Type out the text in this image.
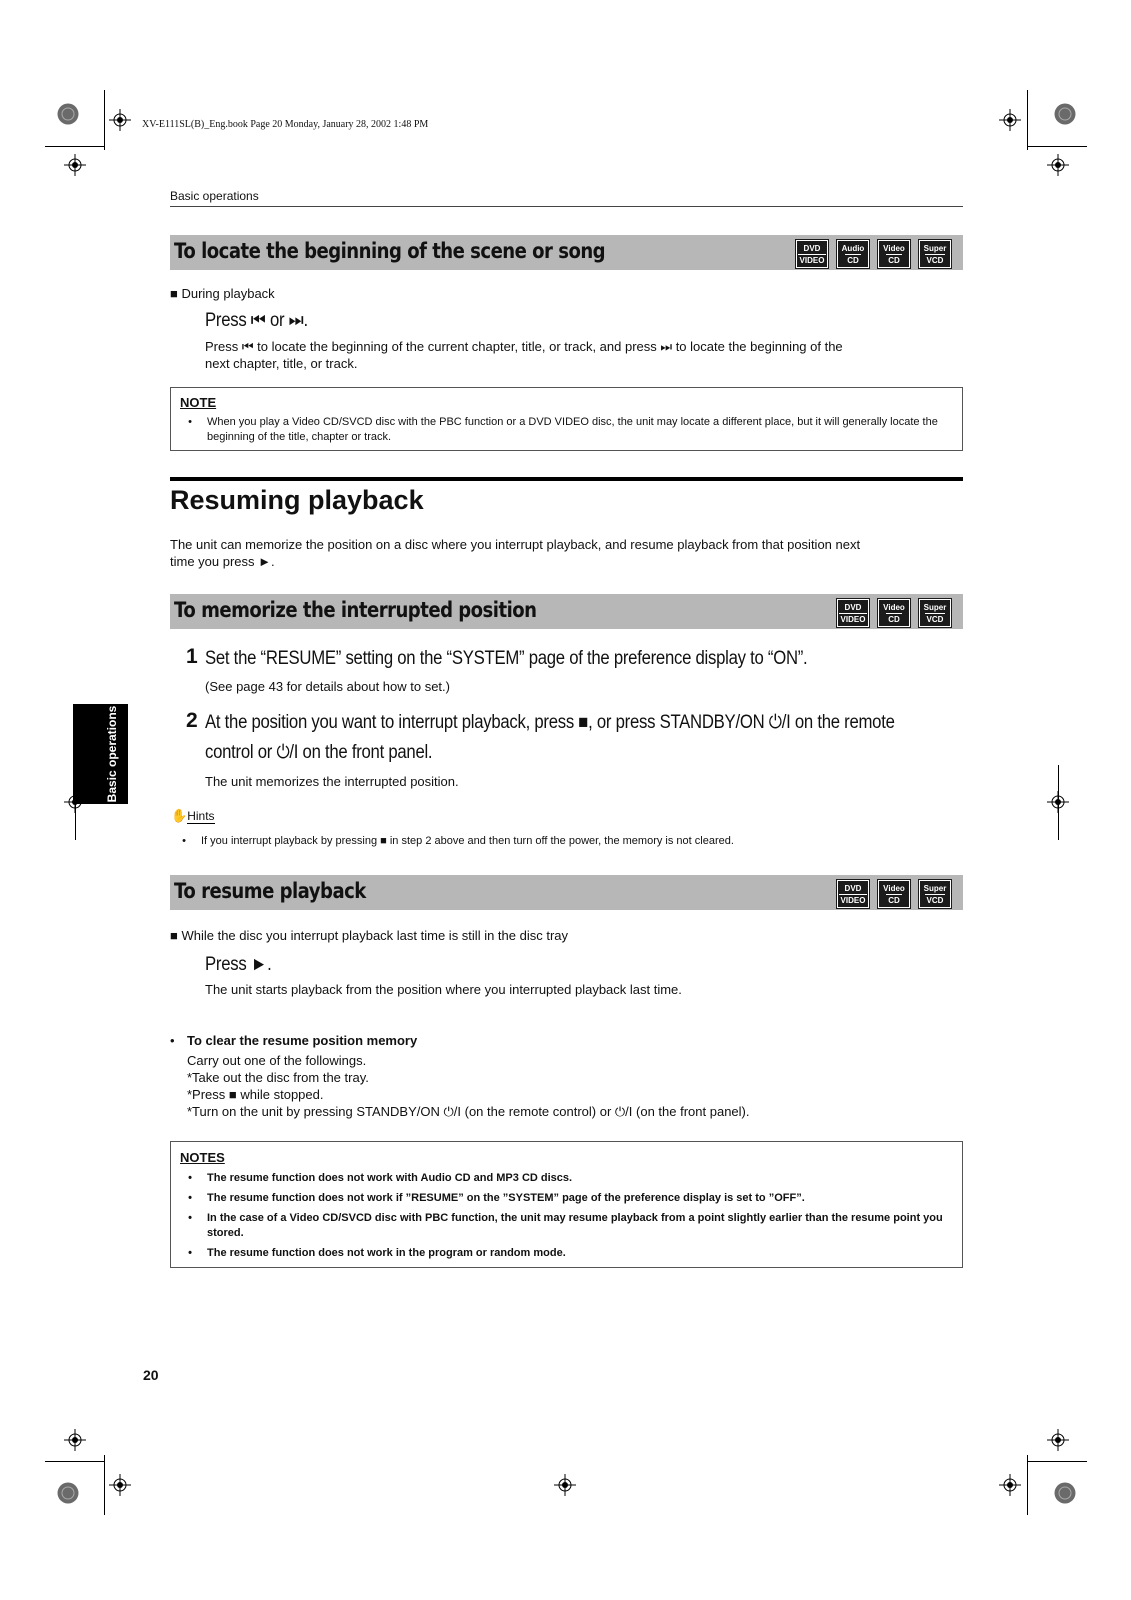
XV-E111SL(B)_Eng.book Page 20 Monday, January 28, 2002 1:48 PM
Basic operations
To locate the beginning of the scene or song	DVD
VIDEO
Audio
CD
Video
CD
Super
VCD
■ During playback
Press ⏮ or ⏭.
Press ⏮ to locate the beginning of the current chapter, title, or track, and press ⏭ to locate the beginning of the
next chapter, title, or track.
NOTE
• When you play a Video CD/SVCD disc with the PBC function or a DVD VIDEO disc, the unit may locate a different place, but it will generally locate the beginning of the title, chapter or track.
Resuming playback
The unit can memorize the position on a disc where you interrupt playback, and resume playback from that position next
time you press ►.
To memorize the interrupted position	DVD
VIDEO
Video
CD
Super
VCD
1 Set the “RESUME” setting on the “SYSTEM” page of the preference display to “ON”.
(See page 43 for details about how to set.)
2 At the position you want to interrupt playback, press ■, or press STANDBY/ON ⏻/I on the remote
control or ⏻/I on the front panel.
The unit memorizes the interrupted position.
✋ Hints
• If you interrupt playback by pressing ■ in step 2 above and then turn off the power, the memory is not cleared.
To resume playback	DVD
VIDEO
Video
CD
Super
VCD
■ While the disc you interrupt playback last time is still in the disc tray
Press ►.
The unit starts playback from the position where you interrupted playback last time.
• To clear the resume position memory
Carry out one of the followings.
*Take out the disc from the tray.
*Press ■ while stopped.
*Turn on the unit by pressing STANDBY/ON ⏻/I (on the remote control) or ⏻/I (on the front panel).
NOTES
• The resume function does not work with Audio CD and MP3 CD discs.
• The resume function does not work if ”RESUME” on the ”SYSTEM” page of the preference display is set to ”OFF”.
• In the case of a Video CD/SVCD disc with PBC function, the unit may resume playback from a point slightly earlier than the resume point you stored.
• The resume function does not work in the program or random mode.
Basic operations
20
